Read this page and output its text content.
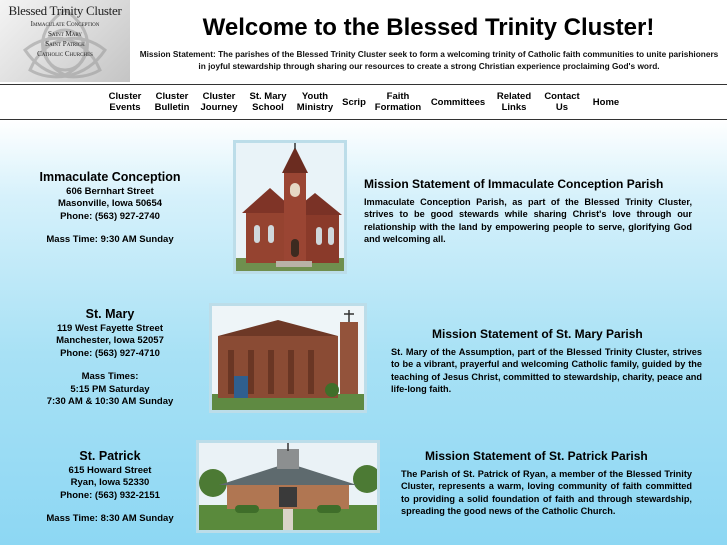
Blessed Trinity Cluster
Immaculate Conception
Saint Mary
Saint Patrick
Catholic Churches
Welcome to the Blessed Trinity Cluster!
Mission Statement: The parishes of the Blessed Trinity Cluster seek to form a welcoming trinity of Catholic faith communities to unite parishioners in joyful stewardship through sharing our resources to create a strong Christian experience proclaiming God's word.
Cluster
Events
Cluster
Bulletin
Cluster
Journey
St. Mary
School
Youth
Ministry Scrip	Faith
Formation Committees Related
Links
Contact
Us	Home
Immaculate Conception
606 Bernhart Street
Masonville, Iowa 50654
Phone: (563) 927-2740
Mass Time: 9:30 AM Sunday
Mission Statement of Immaculate Conception Parish
Immaculate Conception Parish, as part of the Blessed Trinity Cluster, strives to be good stewards while sharing Christ's love through our relationship with the land by empowering people to serve, glorifying God and welcoming all.
St. Mary
119 West Fayette Street
Manchester, Iowa 52057
Phone: (563) 927-4710
Mass Times:
5:15 PM Saturday
7:30 AM & 10:30 AM Sunday
Mission Statement of St. Mary Parish
St. Mary of the Assumption, part of the Blessed Trinity Cluster, strives to be a vibrant, prayerful and welcoming Catholic family, guided by the teaching of Jesus Christ, committed to stewardship, charity, peace and life-long faith.
St. Patrick
615 Howard Street
Ryan, Iowa 52330
Phone: (563) 932-2151
Mass Time: 8:30 AM Sunday
Mission Statement of St. Patrick Parish
The Parish of St. Patrick of Ryan, a member of the Blessed Trinity Cluster, represents a warm, loving community of faith committed to providing a solid foundation of faith and through stewardship, spreading the good news of the Catholic Church.
